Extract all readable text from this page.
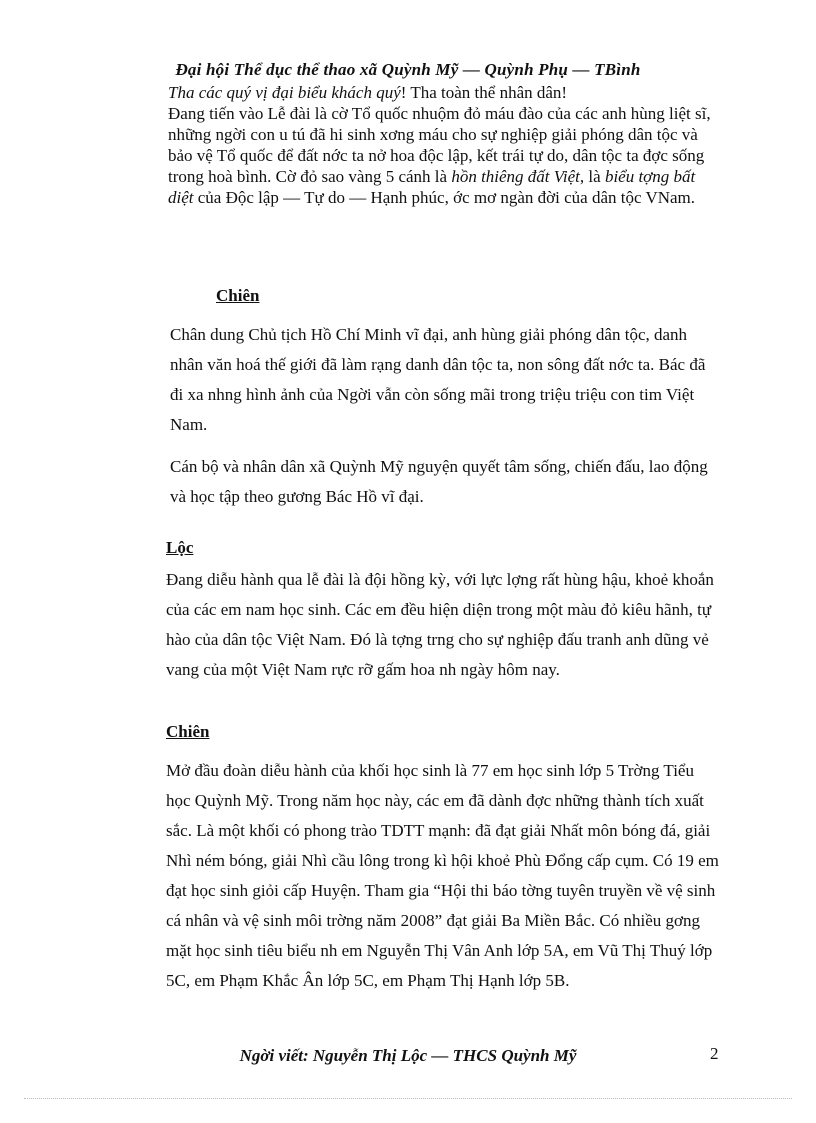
Đại hội Thể dục thể thao xã Quỳnh Mỹ — Quỳnh Phụ — TBình

Tha các quý vị đại biểu khách quý! Tha toàn thể nhân dân!

Đang tiến vào Lễ đài là cờ Tổ quốc nhuộm đỏ máu đào của các anh hùng liệt sĩ, những ngời con u tú đã hi sinh xơng máu cho sự nghiệp giải phóng dân tộc và bảo vệ Tổ quốc để đất nớc ta nở hoa độc lập, kết trái tự do, dân tộc ta đợc sống trong hoà bình. Cờ đỏ sao vàng 5 cánh là hồn thiêng đất Việt, là biểu tợng bất diệt của Độc lập — Tự do — Hạnh phúc, ớc mơ ngàn đời của dân tộc VNam.

Chiên

Chân dung Chủ tịch Hồ Chí Minh vĩ đại, anh hùng giải phóng dân tộc, danh nhân văn hoá thế giới đã làm rạng danh dân tộc ta, non sông đất nớc ta. Bác đã đi xa nhng hình ảnh của Ngời vẫn còn sống mãi trong triệu triệu con tim Việt Nam.

Cán bộ và nhân dân xã Quỳnh Mỹ nguyện quyết tâm sống, chiến đấu, lao động và học tập theo gương Bác Hồ vĩ đại.

Lộc

Đang diễu hành qua lễ đài là đội hồng kỳ, với lực lợng rất hùng hậu, khoẻ khoắn của các em nam học sinh. Các em đều hiện diện trong một màu đỏ kiêu hãnh, tự hào của dân tộc Việt Nam. Đó là tợng trng cho sự nghiệp đấu tranh anh dũng vẻ vang của một Việt Nam rực rỡ gấm hoa nh ngày hôm nay.

Chiên

Mở đầu đoàn diễu hành của khối học sinh là 77 em học sinh lớp 5 Trờng Tiểu học Quỳnh Mỹ. Trong năm học này, các em đã dành đợc những thành tích xuất sắc. Là một khối có phong trào TDTT mạnh: đã đạt giải Nhất môn bóng đá, giải Nhì ném bóng, giải Nhì cầu lông trong kì hội khoẻ Phù Đổng cấp cụm. Có 19 em đạt học sinh giỏi cấp Huyện. Tham gia “Hội thi báo tờng tuyên truyền về vệ sinh cá nhân và vệ sinh môi trờng năm 2008” đạt giải Ba Miền Bắc. Có nhiều gơng mặt học sinh tiêu biểu nh em Nguyễn Thị Vân Anh lớp 5A, em Vũ Thị Thuý lớp 5C, em Phạm Khắc Ân lớp 5C, em Phạm Thị Hạnh lớp 5B.

Ngời viết: Nguyễn Thị Lộc — THCS Quỳnh Mỹ	2
